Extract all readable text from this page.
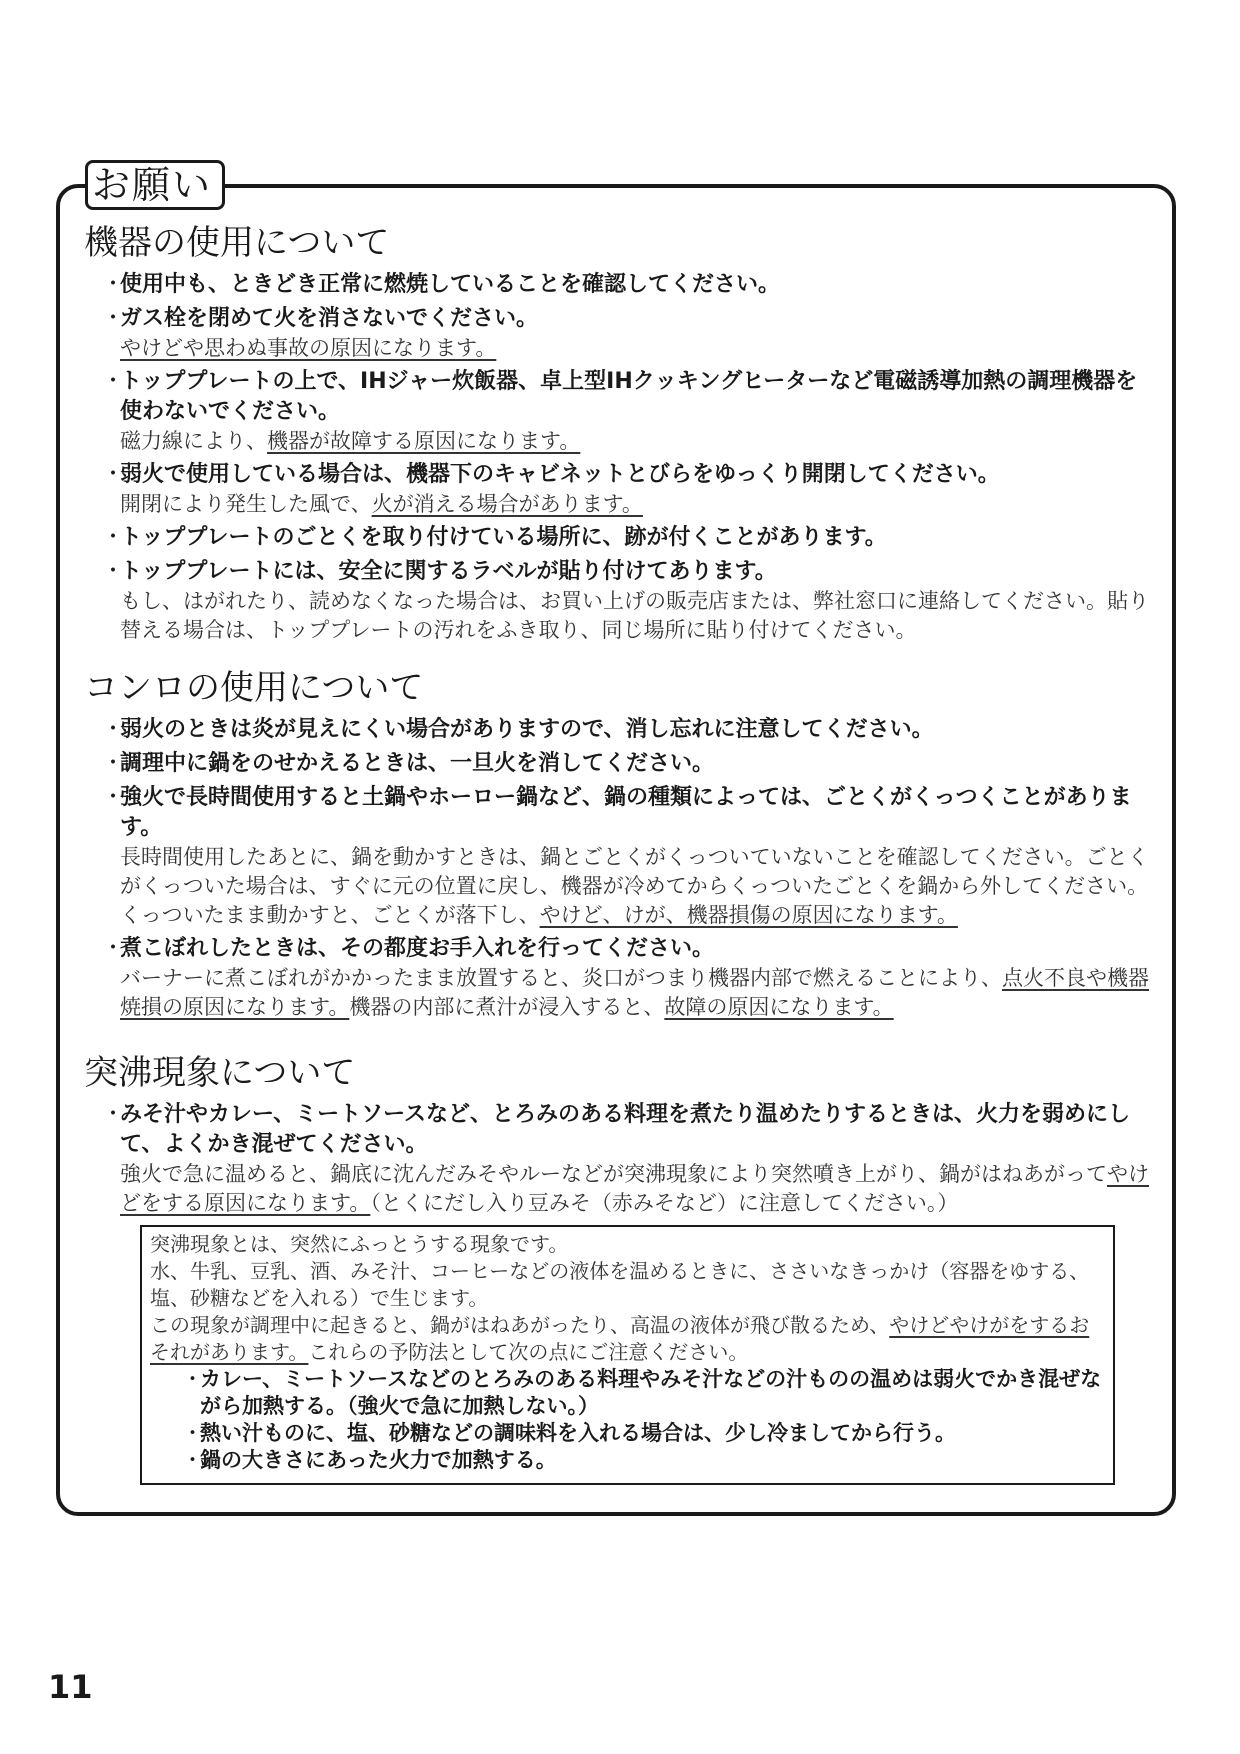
お願い
機器の使用について
・
使用中も、ときどき正常に燃焼していることを確認してください。
・
ガス栓を閉めて火を消さないでください。
やけどや思わぬ事故の原因になります。
・
トッププレートの上で、IHジャー炊飯器、卓上型IHクッキングヒーターなど電磁誘導加熱の調理機器を使わないでください。
磁力線により、機器が故障する原因になります。
・
弱火で使用している場合は、機器下のキャビネットとびらをゆっくり開閉してください。
開閉により発生した風で、火が消える場合があります。
・
トッププレートのごとくを取り付けている場所に、跡が付くことがあります。
・
トッププレートには、安全に関するラベルが貼り付けてあります。
もし、はがれたり、読めなくなった場合は、お買い上げの販売店または、弊社窓口に連絡してください。貼り替える場合は、トッププレートの汚れをふき取り、同じ場所に貼り付けてください。
コンロの使用について
・
弱火のときは炎が見えにくい場合がありますので、消し忘れに注意してください。
・
調理中に鍋をのせかえるときは、一旦火を消してください。
・
強火で長時間使用すると土鍋やホーロー鍋など、鍋の種類によっては、ごとくがくっつくことがあります。
長時間使用したあとに、鍋を動かすときは、鍋とごとくがくっついていないことを確認してください。ごとくがくっついた場合は、すぐに元の位置に戻し、機器が冷めてからくっついたごとくを鍋から外してください。
くっついたまま動かすと、ごとくが落下し、やけど、けが、機器損傷の原因になります。
・
煮こぼれしたときは、その都度お手入れを行ってください。
バーナーに煮こぼれがかかったまま放置すると、炎口がつまり機器内部で燃えることにより、点火不良や機器焼損の原因になります。機器の内部に煮汁が浸入すると、故障の原因になります。
突沸現象について
・
みそ汁やカレー、ミートソースなど、とろみのある料理を煮たり温めたりするときは、火力を弱めにして、よくかき混ぜてください。
強火で急に温めると、鍋底に沈んだみそやルーなどが突沸現象により突然噴き上がり、鍋がはねあがってやけどをする原因になります。（とくにだし入り豆みそ（赤みそなど）に注意してください。）
突沸現象とは、突然にふっとうする現象です。
水、牛乳、豆乳、酒、みそ汁、コーヒーなどの液体を温めるときに、ささいなきっかけ（容器をゆする、塩、砂糖などを入れる）で生じます。
この現象が調理中に起きると、鍋がはねあがったり、高温の液体が飛び散るため、やけどやけがをするおそれがあります。これらの予防法として次の点にご注意ください。
・
カレー、ミートソースなどのとろみのある料理やみそ汁などの汁ものの温めは弱火でかき混ぜながら加熱する。（強火で急に加熱しない。）
・
熱い汁ものに、塩、砂糖などの調味料を入れる場合は、少し冷ましてから行う。
・
鍋の大きさにあった火力で加熱する。
11
